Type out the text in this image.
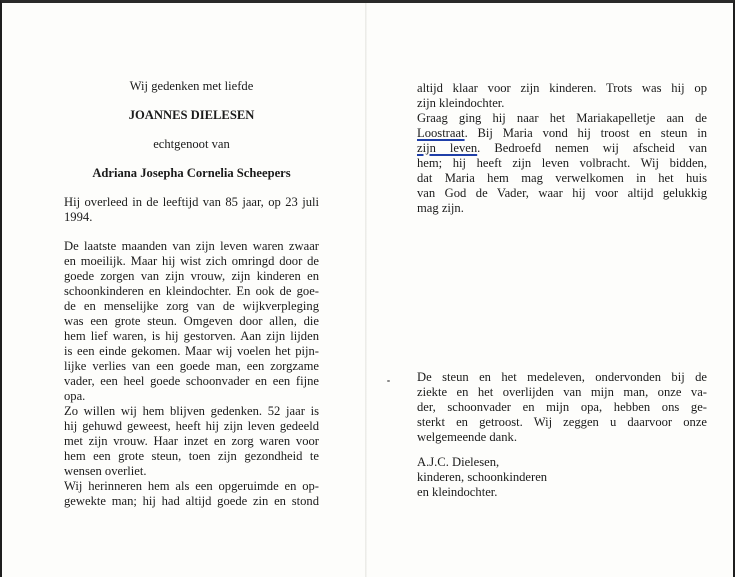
Wij gedenken met liefde
JOANNES DIELESEN
echtgenoot van
Adriana Josepha Cornelia Scheepers
Hij overleed in de leeftijd van 85 jaar, op 23 juli
1994.
De laatste maanden van zijn leven waren zwaar
en moeilijk. Maar hij wist zich omringd door de
goede zorgen van zijn vrouw, zijn kinderen en
schoonkinderen en kleindochter. En ook de goe-
de en menselijke zorg van de wijkverpleging
was een grote steun. Omgeven door allen, die
hem lief waren, is hij gestorven. Aan zijn lijden
is een einde gekomen. Maar wij voelen het pijn-
lijke verlies van een goede man, een zorgzame
vader, een heel goede schoonvader en een fijne
opa.
Zo willen wij hem blijven gedenken. 52 jaar is
hij gehuwd geweest, heeft hij zijn leven gedeeld
met zijn vrouw. Haar inzet en zorg waren voor
hem een grote steun, toen zijn gezondheid te
wensen overliet.
Wij herinneren hem als een opgeruimde en op-
gewekte man; hij had altijd goede zin en stond
altijd klaar voor zijn kinderen. Trots was hij op
zijn kleindochter.
Graag ging hij naar het Mariakapelletje aan de
Loostraat. Bij Maria vond hij troost en steun in
zijn leven. Bedroefd nemen wij afscheid van
hem; hij heeft zijn leven volbracht. Wij bidden,
dat Maria hem mag verwelkomen in het huis
van God de Vader, waar hij voor altijd gelukkig
mag zijn.
De steun en het medeleven, ondervonden bij de
ziekte en het overlijden van mijn man, onze va-
der, schoonvader en mijn opa, hebben ons ge-
sterkt en getroost. Wij zeggen u daarvoor onze
welgemeende dank.
A.J.C. Dielesen,
kinderen, schoonkinderen
en kleindochter.
